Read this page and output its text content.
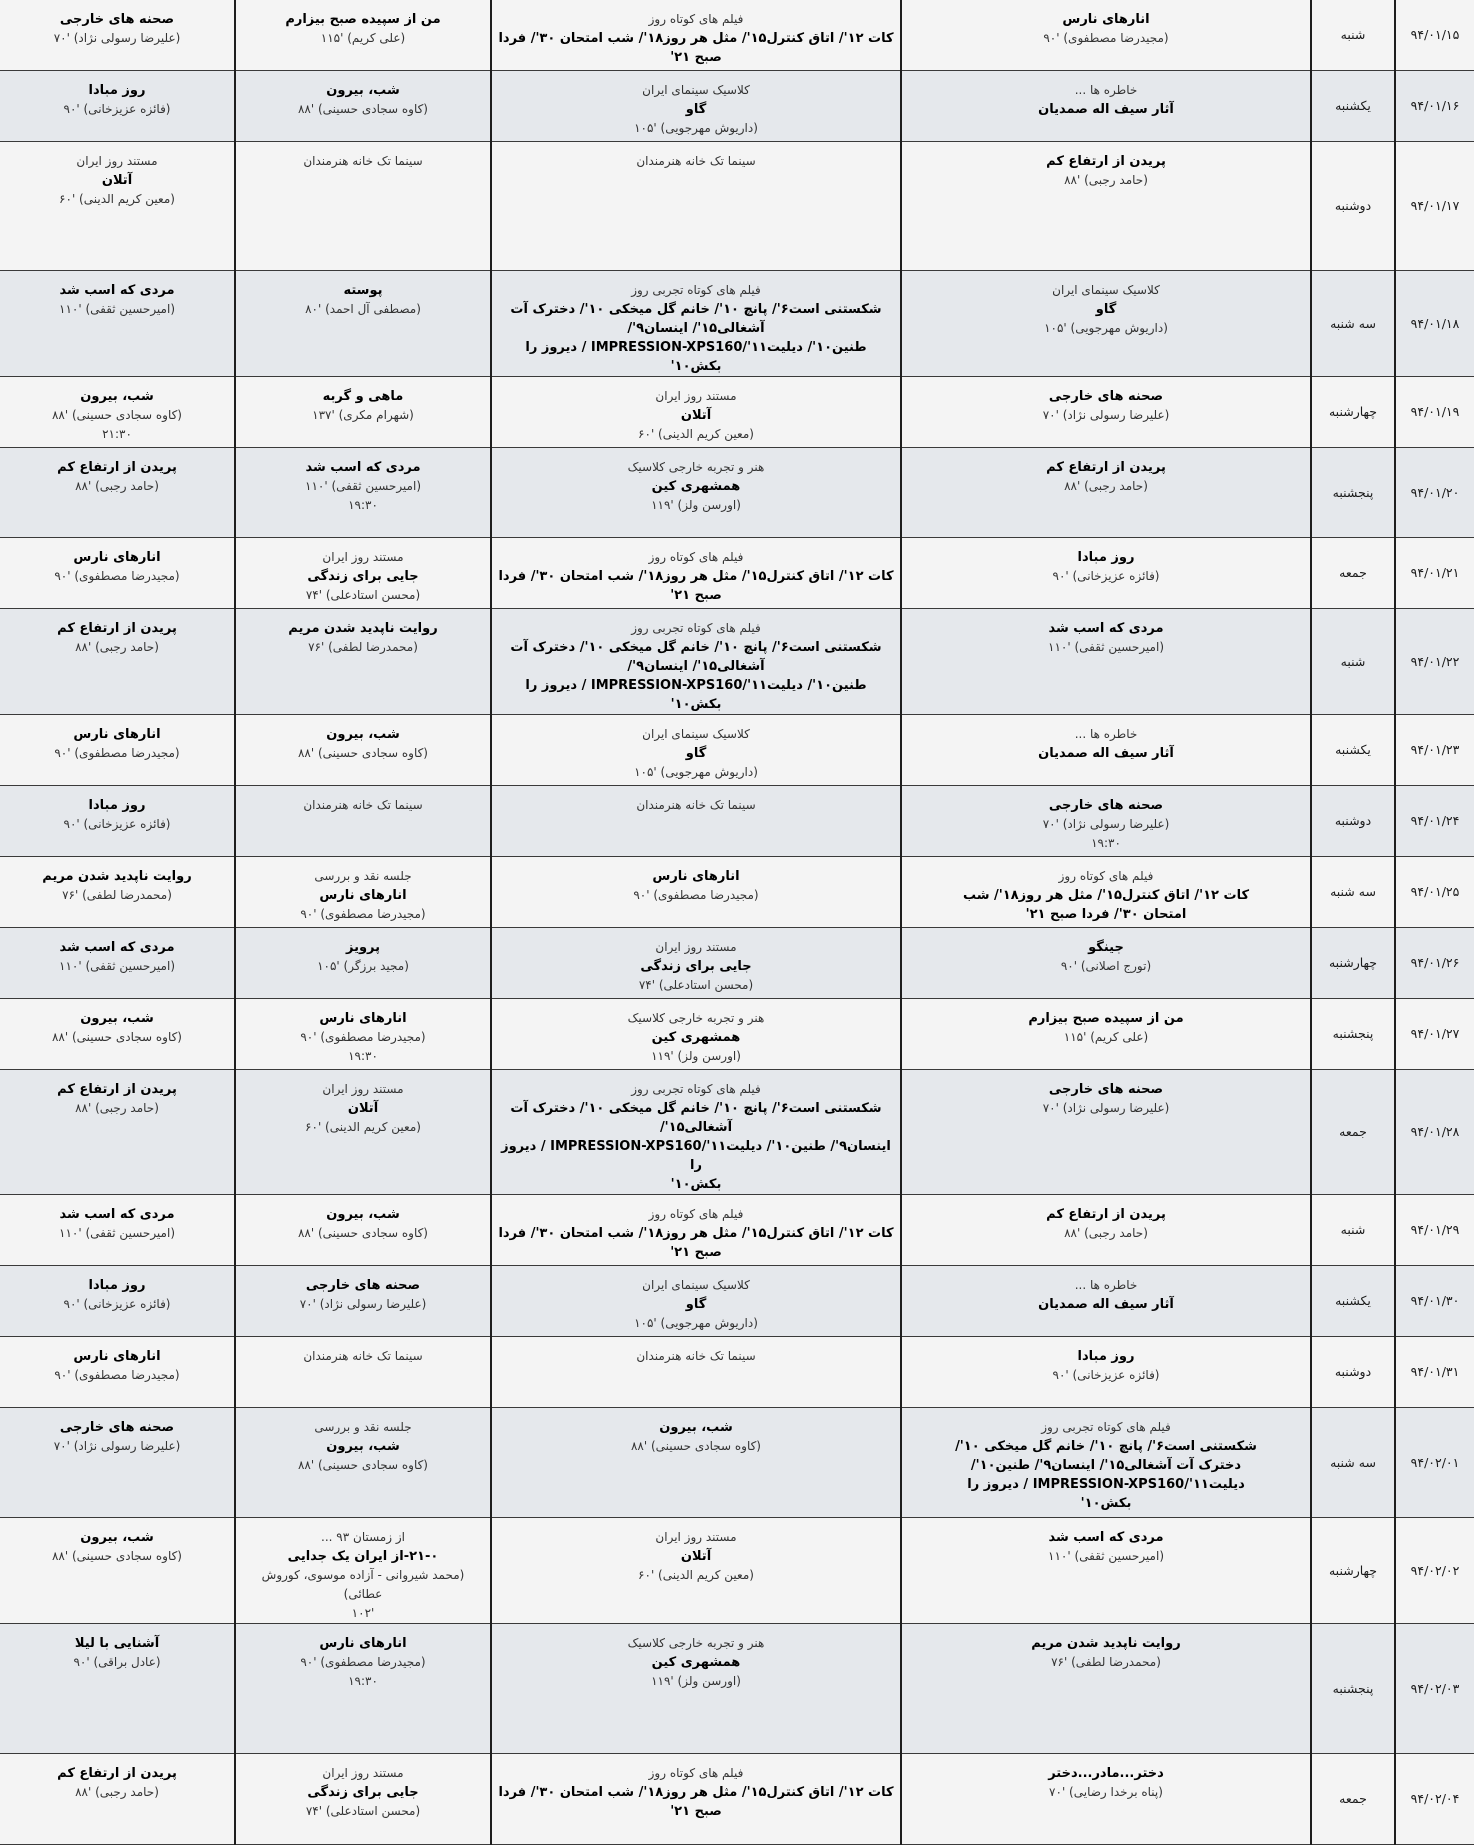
۹۴/۰۱/۱۵	شنبه	انارهای نارس
(مجیدرضا مصطفوی) '۹۰	فیلم های کوتاه روز
کات ۱۲'/ اتاق کنترل۱۵'/ مثل هر روز۱۸'/ شب امتحان ۳۰'/ فردا صبح ۲۱'	من از سپیده صبح بیزارم
(علی کریم) '۱۱۵	صحنه های خارجی
(علیرضا رسولی نژاد) '۷۰

۹۴/۰۱/۱۶	یکشنبه	خاطره ها ...
آثار سیف اله صمدیان	کلاسیک سینمای ایران
گاو
(داریوش مهرجویی) '۱۰۵	شب، بیرون
(کاوه سجادی حسینی) '۸۸	روز مبادا
(فائزه عزیزخانی) '۹۰

۹۴/۰۱/۱۷	دوشنبه	پریدن از ارتفاع کم
(حامد رجبی) '۸۸	سینما تک خانه هنرمندان	سینما تک خانه هنرمندان	مستند روز ایران
آتلان
(معین کریم الدینی) '۶۰

۹۴/۰۱/۱۸	سه شنبه	کلاسیک سینمای ایران
گاو
(داریوش مهرجویی) '۱۰۵	فیلم های کوتاه تجربی روز
شکستنی است۶'/ پانچ ۱۰'/ خانم گل میخکی ۱۰'/ دخترک آت آشغالی۱۵'/ اینسان۹'/
طنین۱۰'/ دیلیت۱۱'/IMPRESSION-XPS160 / دیروز را بکش۱۰'	پوسته
(مصطفی آل احمد) '۸۰	مردی که اسب شد
(امیرحسین ثقفی) '۱۱۰

۹۴/۰۱/۱۹	چهارشنبه	صحنه های خارجی
(علیرضا رسولی نژاد) '۷۰	مستند روز ایران
آتلان
(معین کریم الدینی) '۶۰	ماهی و گربه
(شهرام مکری) '۱۳۷	شب، بیرون
(کاوه سجادی حسینی) '۸۸
۲۱:۳۰

۹۴/۰۱/۲۰	پنجشنبه	پریدن از ارتفاع کم
(حامد رجبی) '۸۸	هنر و تجربه خارجی کلاسیک
همشهری کین
(اورسن ولز) '۱۱۹	مردی که اسب شد
(امیرحسین ثقفی) '۱۱۰
۱۹:۳۰	پریدن از ارتفاع کم
(حامد رجبی) '۸۸

۹۴/۰۱/۲۱	جمعه	روز مبادا
(فائزه عزیزخانی) '۹۰	فیلم های کوتاه روز
کات ۱۲'/ اتاق کنترل۱۵'/ مثل هر روز۱۸'/ شب امتحان ۳۰'/ فردا صبح ۲۱'	مستند روز ایران
جایی برای زندگی
(محسن استادعلی) '۷۴	انارهای نارس
(مجیدرضا مصطفوی) '۹۰

۹۴/۰۱/۲۲	شنبه	مردی که اسب شد
(امیرحسین ثقفی) '۱۱۰	فیلم های کوتاه تجربی روز
شکستنی است۶'/ پانچ ۱۰'/ خانم گل میخکی ۱۰'/ دخترک آت آشغالی۱۵'/ اینسان۹'/
طنین۱۰'/ دیلیت۱۱'/IMPRESSION-XPS160 / دیروز را بکش۱۰'	روایت ناپدید شدن مریم
(محمدرضا لطفی) '۷۶	پریدن از ارتفاع کم
(حامد رجبی) '۸۸

۹۴/۰۱/۲۳	یکشنبه	خاطره ها ...
آثار سیف اله صمدیان	کلاسیک سینمای ایران
گاو
(داریوش مهرجویی) '۱۰۵	شب، بیرون
(کاوه سجادی حسینی) '۸۸	انارهای نارس
(مجیدرضا مصطفوی) '۹۰

۹۴/۰۱/۲۴	دوشنبه	صحنه های خارجی
(علیرضا رسولی نژاد) '۷۰
۱۹:۳۰	سینما تک خانه هنرمندان	سینما تک خانه هنرمندان	روز مبادا
(فائزه عزیزخانی) '۹۰

۹۴/۰۱/۲۵	سه شنبه	فیلم های کوتاه روز
کات ۱۲'/ اتاق کنترل۱۵'/ مثل هر روز۱۸'/ شب
امتحان ۳۰'/ فردا صبح ۲۱'	انارهای نارس
(مجیدرضا مصطفوی) '۹۰	جلسه نقد و بررسی
انارهای نارس
(مجیدرضا مصطفوی) '۹۰	روایت ناپدید شدن مریم
(محمدرضا لطفی) '۷۶

۹۴/۰۱/۲۶	چهارشنبه	جینگو
(تورج اصلانی) '۹۰	مستند روز ایران
جایی برای زندگی
(محسن استادعلی) '۷۴	پرویز
(مجید برزگر) '۱۰۵	مردی که اسب شد
(امیرحسین ثقفی) '۱۱۰

۹۴/۰۱/۲۷	پنجشنبه	من از سپیده صبح بیزارم
(علی کریم) '۱۱۵	هنر و تجربه خارجی کلاسیک
همشهری کین
(اورسن ولز) '۱۱۹	انارهای نارس
(مجیدرضا مصطفوی) '۹۰
۱۹:۳۰	شب، بیرون
(کاوه سجادی حسینی) '۸۸

۹۴/۰۱/۲۸	جمعه	صحنه های خارجی
(علیرضا رسولی نژاد) '۷۰	فیلم های کوتاه تجربی روز
شکستنی است۶'/ پانچ ۱۰'/ خانم گل میخکی ۱۰'/ دخترک آت آشغالی۱۵'/
اینسان۹'/ طنین۱۰'/ دیلیت۱۱'/IMPRESSION-XPS160 / دیروز را
بکش۱۰'	مستند روز ایران
آتلان
(معین کریم الدینی) '۶۰	پریدن از ارتفاع کم
(حامد رجبی) '۸۸

۹۴/۰۱/۲۹	شنبه	پریدن از ارتفاع کم
(حامد رجبی) '۸۸	فیلم های کوتاه روز
کات ۱۲'/ اتاق کنترل۱۵'/ مثل هر روز۱۸'/ شب امتحان ۳۰'/ فردا صبح ۲۱'	شب، بیرون
(کاوه سجادی حسینی) '۸۸	مردی که اسب شد
(امیرحسین ثقفی) '۱۱۰

۹۴/۰۱/۳۰	یکشنبه	خاطره ها ...
آثار سیف اله صمدیان	کلاسیک سینمای ایران
گاو
(داریوش مهرجویی) '۱۰۵	صحنه های خارجی
(علیرضا رسولی نژاد) '۷۰	روز مبادا
(فائزه عزیزخانی) '۹۰

۹۴/۰۱/۳۱	دوشنبه	روز مبادا
(فائزه عزیزخانی) '۹۰	سینما تک خانه هنرمندان	سینما تک خانه هنرمندان	انارهای نارس
(مجیدرضا مصطفوی) '۹۰

۹۴/۰۲/۰۱	سه شنبه	فیلم های کوتاه تجربی روز
شکستنی است۶'/ پانچ ۱۰'/ خانم گل میخکی ۱۰'/
دخترک آت آشغالی۱۵'/ اینسان۹'/ طنین۱۰'/
دیلیت۱۱'/IMPRESSION-XPS160 / دیروز را
بکش۱۰'	شب، بیرون
(کاوه سجادی حسینی) '۸۸	جلسه نقد و بررسی
شب، بیرون
(کاوه سجادی حسینی) '۸۸	صحنه های خارجی
(علیرضا رسولی نژاد) '۷۰

۹۴/۰۲/۰۲	چهارشنبه	مردی که اسب شد
(امیرحسین ثقفی) '۱۱۰	مستند روز ایران
آتلان
(معین کریم الدینی) '۶۰	از زمستان ۹۳ ...
۲۱-۰-از ایران یک جدایی
(محمد شیروانی - آزاده موسوی، کوروش عطائی)
'۱۰۲	شب، بیرون
(کاوه سجادی حسینی) '۸۸

۹۴/۰۲/۰۳	پنجشنبه	روایت ناپدید شدن مریم
(محمدرضا لطفی) '۷۶	هنر و تجربه خارجی کلاسیک
همشهری کین
(اورسن ولز) '۱۱۹	انارهای نارس
(مجیدرضا مصطفوی) '۹۰
۱۹:۳۰	آشنایی با لیلا
(عادل براقی) '۹۰

۹۴/۰۲/۰۴	جمعه	دختر...مادر...دختر
(پناه برخدا رضایی) '۷۰	فیلم های کوتاه روز
کات ۱۲'/ اتاق کنترل۱۵'/ مثل هر روز۱۸'/ شب امتحان ۳۰'/ فردا صبح ۲۱'	مستند روز ایران
جایی برای زندگی
(محسن استادعلی) '۷۴	پریدن از ارتفاع کم
(حامد رجبی) '۸۸
